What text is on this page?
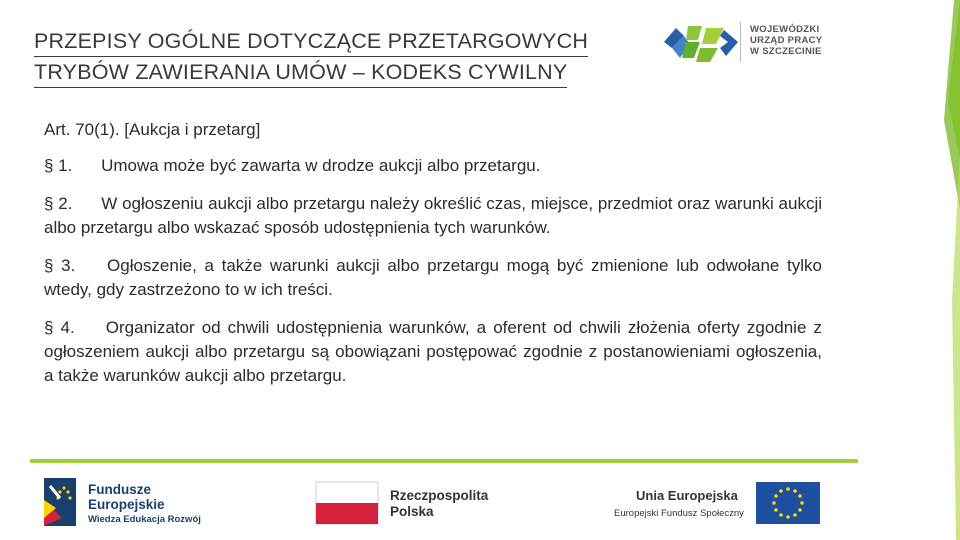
PRZEPISY OGÓLNE DOTYCZĄCE PRZETARGOWYCH
TRYBÓW ZAWIERANIA UMÓW – KODEKS CYWILNY
WOJEWÓDZKI
URZĄD PRACY
W SZCZECINIE

Art. 70(1). [Aukcja i przetarg]

§ 1. Umowa może być zawarta w drodze aukcji albo przetargu.

§ 2. W ogłoszeniu aukcji albo przetargu należy określić czas, miejsce, przedmiot oraz warunki aukcji albo przetargu albo wskazać sposób udostępnienia tych warunków.

§ 3. Ogłoszenie, a także warunki aukcji albo przetargu mogą być zmienione lub odwołane tylko wtedy, gdy zastrzeżono to w ich treści.

§ 4. Organizator od chwili udostępnienia warunków, a oferent od chwili złożenia oferty zgodnie z ogłoszeniem aukcji albo przetargu są obowiązani postępować zgodnie z postanowieniami ogłoszenia, a także warunków aukcji albo przetargu.

Fundusze
Europejskie
Wiedza Edukacja Rozwój
Rzeczpospolita
Polska
Unia Europejska
Europejski Fundusz Społeczny
